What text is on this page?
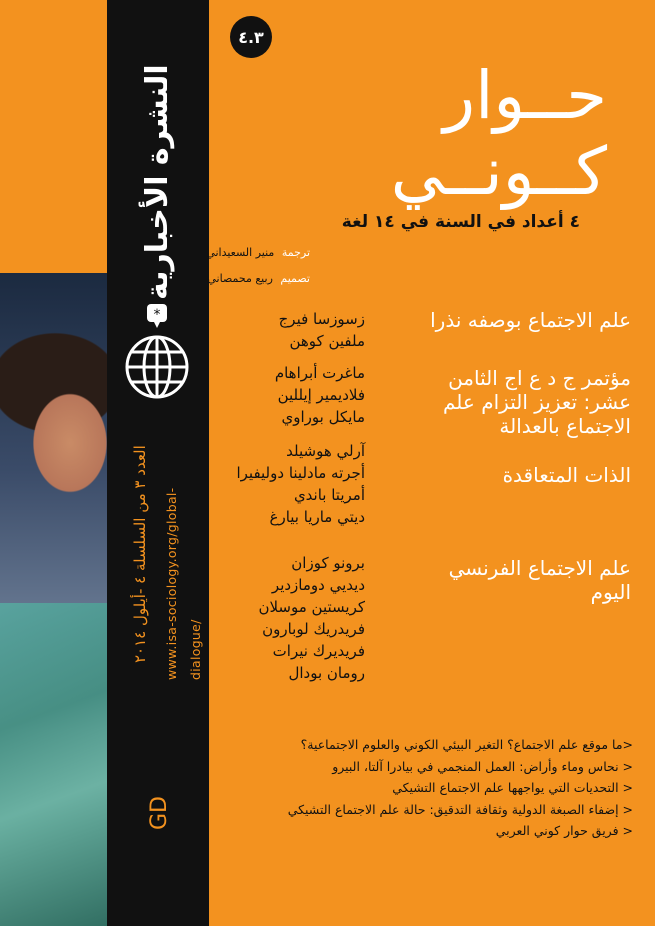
النشرة الأخبارية
*
العدد ٣ من السلسلة ٤ -أيلول ٢٠١٤
www.isa-sociology.org/global-dialogue/
GD
٤.٣
حــوار
كــونــي
٤ أعداد في السنة في ١٤ لغة
ترجمة منير السعيداني
تصميم ربيع محمصاني
علم الاجتماع بوصفه نذرا
زسوزسا فيرج
ملفين كوهن
مؤتمر ج د ع اج الثامن عشر: تعزيز التزام علم الاجتماع بالعدالة
ماغرت أبراهام
فلاديمير إيللين
مايكل بوراوي
الذات المتعاقدة
آرلي هوشيلد
أجرته مادلينا دوليفيرا
أمريتا باندي
ديتي ماريا بيارغ
علم الاجتماع الفرنسي اليوم
برونو كوزان
ديديي دومازدير
كريستين موسلان
فريدريك لوبارون
فريديرك نيرات
رومان بودال
<ما موقع علم الاجتماع؟ التغير البيئي الكوني والعلوم الاجتماعية؟
< نحاس وماء وأراض: العمل المنجمي في بيادرا آلتا، البيرو
< التحديات التي يواجهها علم الاجتماع التشيكي
< إضفاء الصبغة الدولية وثقافة التدقيق: حالة علم الاجتماع التشيكي
< فريق حوار كوني العربي
